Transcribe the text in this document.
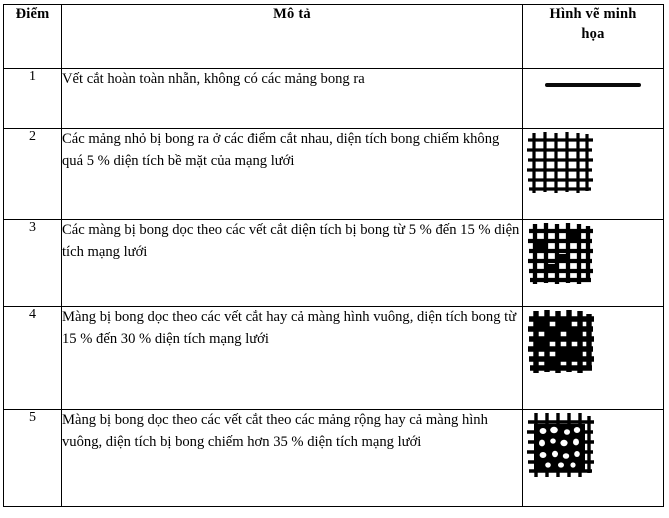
Điểm	Mô tả	Hình vẽ minh họa
1	Vết cắt hoàn toàn nhẵn, không có các mảng bong ra	
2	Các mảng nhỏ bị bong ra ở các điểm cắt nhau, diện tích bong chiếm không quá 5 % diện tích bề mặt của mạng lưới	

3	Các màng bị bong dọc theo các vết cắt diện tích bị bong từ 5 % đến 15 % diện tích mạng lưới	

4	Màng bị bong dọc theo các vết cắt hay cả màng hình vuông, diện tích bong từ 15 % đến 30 % diện tích mạng lưới	

5	Màng bị bong dọc theo các vết cắt theo các mảng rộng hay cả màng hình vuông, diện tích bị bong chiếm hơn 35 % diện tích mạng lưới	
